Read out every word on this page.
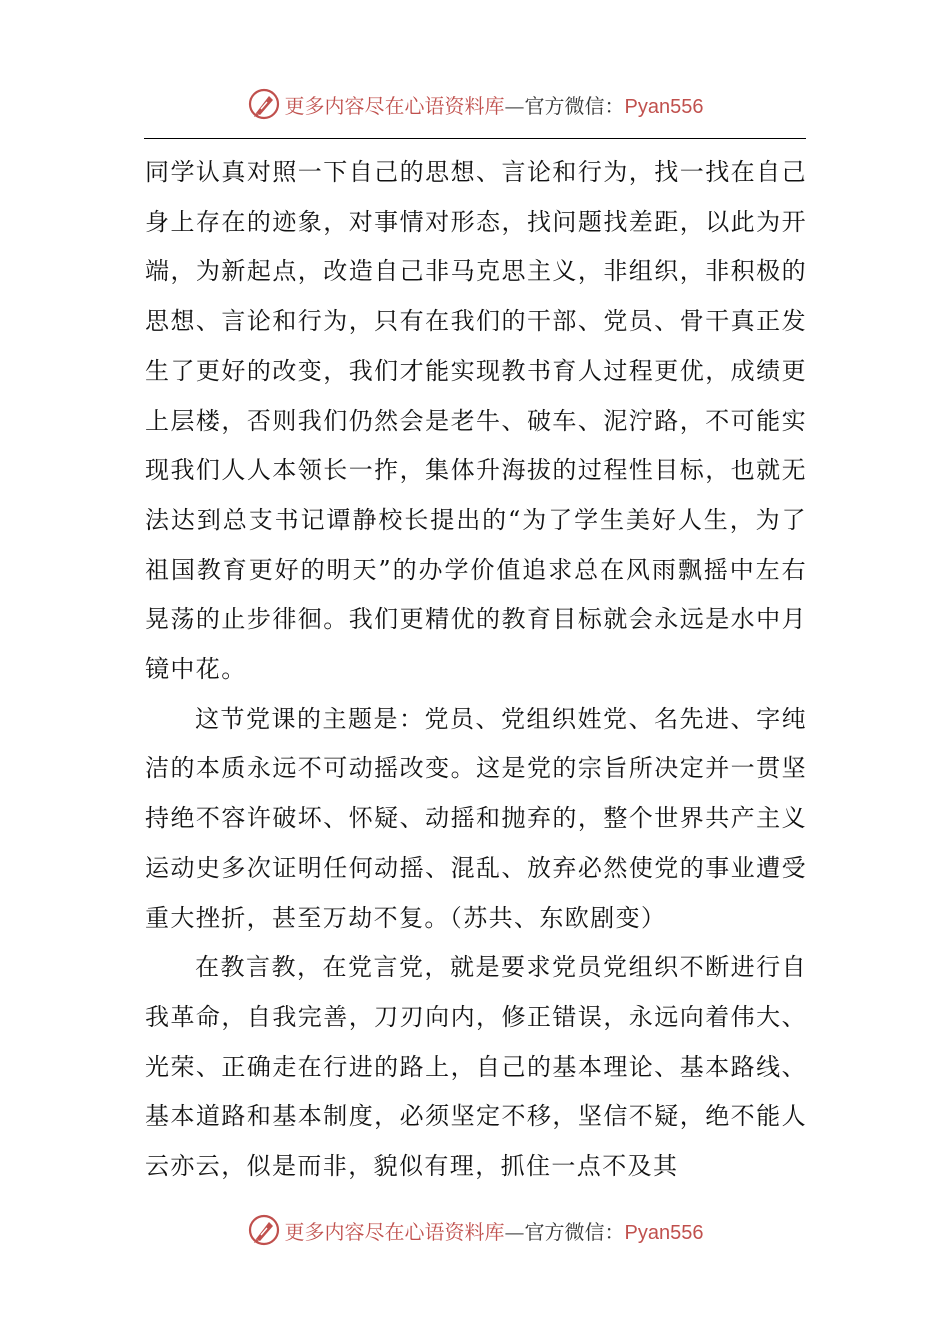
更多内容尽在心语资料库—官方微信：Pyan556

同学认真对照一下自己的思想、言论和行为，找一找在自己身上存在的迹象，对事情对形态，找问题找差距，以此为开端，为新起点，改造自己非马克思主义，非组织，非积极的思想、言论和行为，只有在我们的干部、党员、骨干真正发生了更好的改变，我们才能实现教书育人过程更优，成绩更上层楼，否则我们仍然会是老牛、破车、泥泞路，不可能实现我们人人本领长一拃，集体升海拔的过程性目标，也就无法达到总支书记谭静校长提出的“为了学生美好人生，为了祖国教育更好的明天”的办学价值追求总在风雨飘摇中左右晃荡的止步徘徊。我们更精优的教育目标就会永远是水中月镜中花。

这节党课的主题是：党员、党组织姓党、名先进、字纯洁的本质永远不可动摇改变。这是党的宗旨所决定并一贯坚持绝不容许破坏、怀疑、动摇和抛弃的，整个世界共产主义运动史多次证明任何动摇、混乱、放弃必然使党的事业遭受重大挫折，甚至万劫不复。（苏共、东欧剧变）

在教言教，在党言党，就是要求党员党组织不断进行自我革命，自我完善，刀刃向内，修正错误，永远向着伟大、光荣、正确走在行进的路上，自己的基本理论、基本路线、基本道路和基本制度，必须坚定不移，坚信不疑，绝不能人云亦云，似是而非，貌似有理，抓住一点不及其

更多内容尽在心语资料库—官方微信：Pyan556
